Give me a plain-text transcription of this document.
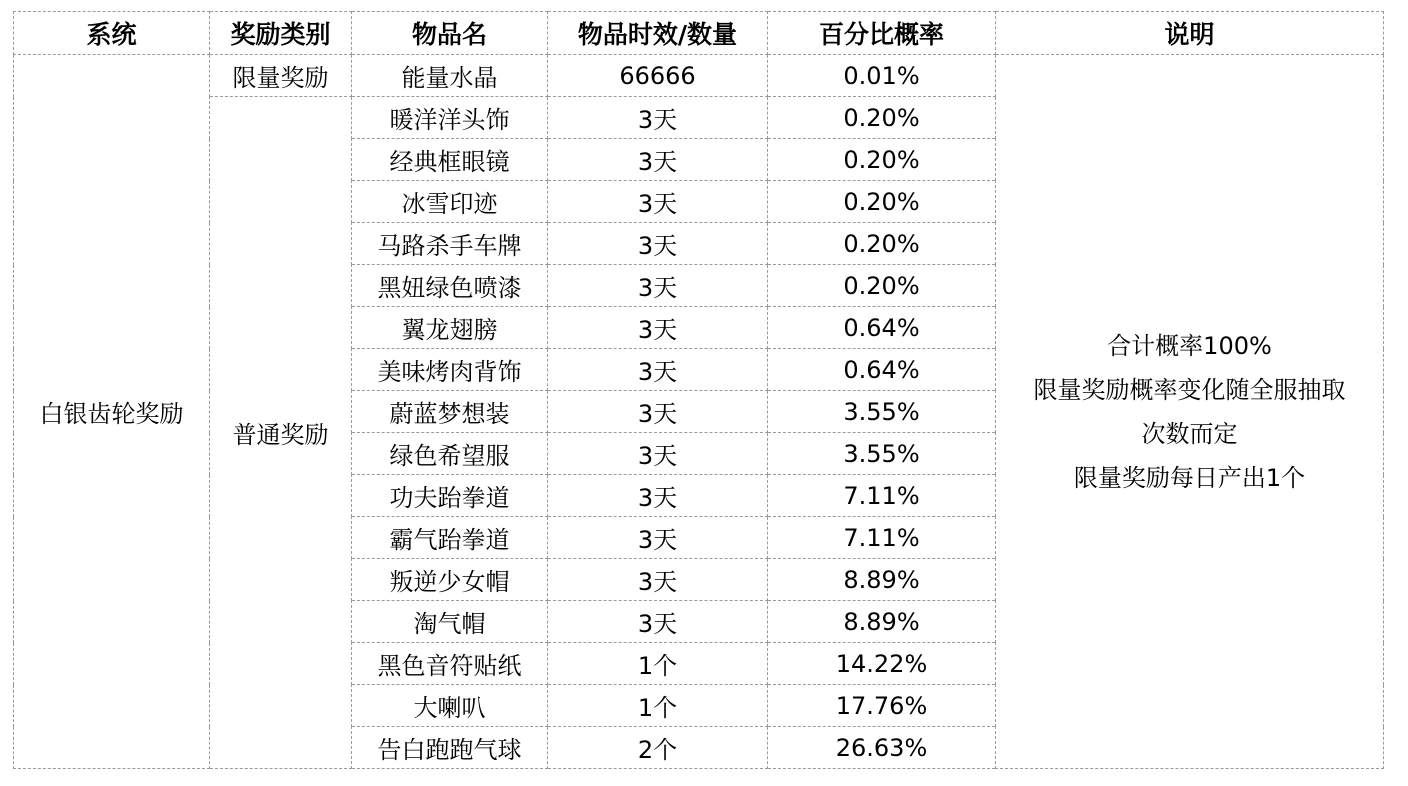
系统	奖励类别	物品名	物品时效/数量	百分比概率	说明
白银齿轮奖励	限量奖励	能量水晶	66666	0.01%	合计概率100%
限量奖励概率变化随全服抽取
次数而定
限量奖励每日产出1个

	普通奖励	暖洋洋头饰	3天	0.20%	
		经典框眼镜	3天	0.20%	
		冰雪印迹	3天	0.20%	
		马路杀手车牌	3天	0.20%	
		黑妞绿色喷漆	3天	0.20%	
		翼龙翅膀	3天	0.64%	
		美味烤肉背饰	3天	0.64%	
		蔚蓝梦想装	3天	3.55%	
		绿色希望服	3天	3.55%	
		功夫跆拳道	3天	7.11%	
		霸气跆拳道	3天	7.11%	
		叛逆少女帽	3天	8.89%	
		淘气帽	3天	8.89%	
		黑色音符贴纸	1个	14.22%	
		大喇叭	1个	17.76%	
		告白跑跑气球	2个	26.63%	
